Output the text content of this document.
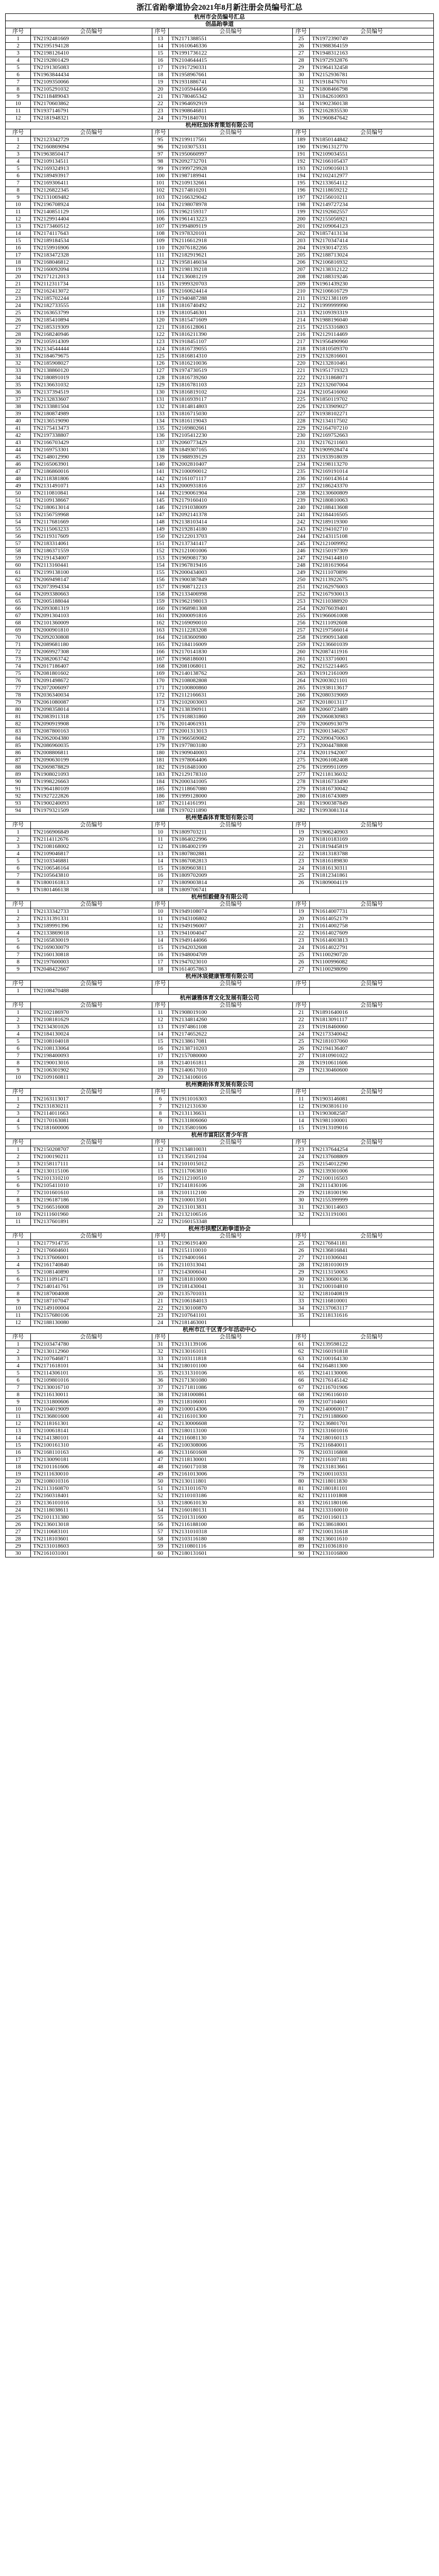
浙江省跆拳道协会2021年8月新注册会员编号汇总
杭州市会员编号汇总					
创晶跆拳道					
序号	会员编号	序号	会员编号	序号	会员编号
1	TN2192481669	13	TN2171388551	25	TN1972390749
2	TN2195194128	14	TN1610646336	26	TN1988364159
3	TN2198126410	15	TN1991736122	27	TN1948312163
4	TN2192801429	16	TN2104644415	28	TN1972932876
5	TN2191305083	17	TN1917290331	29	TN1964132458
6	TN1963844434	18	TN1958967661	30	TN2152936781
7	TN2109350066	19	TN1931886741	31	TN1918476701
8	TN2105291032	20	TN2105944456	32	TN1808466798
9	TN2118489043	21	TN1780465342	33	TN1842610693
10	TN2170603862	22	TN1964692919	34	TN1902360138
11	TN1937146791	23	TN1908646811	35	TN2162835530
12	TN2181948321	24	TN1791840701	36	TN1960847642
杭州旺加体育策划有限公司					
序号	会员编号	序号	会员编号	序号	会员编号
1	TN2123342729	95	TN2199117561	189	TN1850144842
2	TN2160869094	96	TN2103075331	190	TN1961312770
3	TN1963850417	97	TN1950660997	191	TN2109034551
4	TN2109134511	98	TN2092732701	192	TN2166105437
5	TN2169324913	99	TN1999729928	193	TN2109016013
6	TN2189493917	100	TN1987189941	194	TN2102412977
7	TN2169306411	101	TN2109132661	195	TN2133654112
8	TN2126822345	102	TN2174810201	196	TN2118659212
9	TN2131069482	103	TN2166329042	197	TN2156010211
10	TN2196708924	104	TN2198078978	198	TN2149727234
11	TN2140851129	105	TN1962159317	199	TN2192602557
12	TN2129914404	106	TN1961413223	200	TN2155056921
13	TN2173460512	107	TN1994809119	201	TN2109064123
14	TN2174117643	108	TN1978320101	202	TN1857413134
15	TN2189184534	109	TN2116612918	203	TN2170347414
16	TN2159916906	110	TN2076182266	204	TN1930147235
17	TN2183472328	111	TN2182919621	205	TN2188713024
18	TN2168046812	112	TN1958146034	206	TN2106816932
19	TN2160092094	113	TN2198139218	207	TN2138312122
20	TN2171212013	114	TN2136081219	208	TN2188319246
21	TN2112311734	115	TN1999320703	209	TN1961439230
22	TN2162413072	116	TN2160624414	210	TN2106616729
23	TN2185702244	117	TN1940487288	211	TN1921381109
24	TN2182733555	118	TN1816740492	212	TN1999999990
25	TN2163653799	119	TN1810546301	213	TN2109393319
26	TN2185410894	120	TN1815471609	214	TN1988196040
27	TN2185319309	121	TN1816128061	215	TN2153316803
28	TN2168240946	122	TN1816211390	216	TN2129114469
29	TN2105914309	123	TN1918451107	217	TN1956490960
30	TN2134544444	124	TN1816739055	218	TN1810509370
31	TN2184679675	125	TN1816814310	219	TN2132816601
32	TN2185908027	126	TN1816210036	220	TN2132810461
33	TN2138860120	127	TN1974730519	221	TN1951719323
34	TN2180891019	128	TN1816739260	222	TN2131868071
35	TN2136631032	129	TN1816781103	223	TN2132607004
36	TN2137394519	130	TN1816819102	224	TN2105416060
37	TN2132833607	131	TN1816939117	225	TN1850119702
38	TN2133881504	132	TN1814814803	226	TN2133909027
39	TN2180874989	133	TN1816715030	227	TN1938102271
40	TN2136519090	134	TN1816119043	228	TN2134117502
41	TN2175413473	135	TN2169802661	229	TN2164707210
42	TN2197338807	136	TN2105412230	230	TN2169752663
43	TN2166703429	137	TN2060773429	231	TN2176211603
44	TN2169753301	138	TN1849307165	232	TN1909928474
45	TN2148012990	139	TN1988939129	233	TN1933918039
46	TN2165063901	140	TN2002810407	234	TN2198113270
47	TN2186860016	141	TN2100090012	235	TN2169191014
48	TN2118381806	142	TN2161071117	236	TN2160143614
49	TN2131491071	143	TN2000931816	237	TN2186243370
50	TN2110810841	144	TN2190061904	238	TN2130600809
51	TN2109138667	145	TN2179160410	239	TN2180810063
52	TN2180613014	146	TN2191038009	240	TN2188413608
53	TN2156759968	147	TN2092141378	241	TN2184416505
54	TN2117681669	148	TN2138103414	242	TN2189119300
55	TN2115063233	149	TN2192814180	243	TN2194102710
56	TN2119317609	150	TN2122013703	244	TN2143115108
57	TN2183314061	151	TN2137341417	245	TN2121009992
58	TN2186371559	152	TN2121001006	246	TN2150197309
59	TN2191434007	153	TN1969081730	247	TN2194144810
60	TN2113160441	154	TN1967819416	248	TN2181619064
61	TN2199138100	155	TN2000434003	249	TN2111070890
62	TN2069498147	156	TN1900387849	250	TN2113922675
63	TN2073994334	157	TN1908712213	251	TN2162976003
64	TN2093380663	158	TN2133406998	252	TN2167930013
65	TN2005188044	159	TN1962198013	253	TN2110388920
66	TN2093081319	160	TN1968981308	254	TN2076039401
67	TN2091304103	161	TN2000091816	255	TN1966061008
68	TN2101360009	162	TN2169090010	256	TN2111092608
69	TN2000901810	163	TN2112283208	257	TN2197566014
70	TN2092030808	164	TN2183600980	258	TN1990913408
71	TN2089681180	165	TN2184116009	259	TN2136601039
72	TN2069927308	166	TN2170141830	260	TN2087411916
73	TN2082063742	167	TN1968186001	261	TN2133716001
74	TN2017186407	168	TN2081068011	262	TN2152214465
75	TN2081801602	169	TN2140138762	263	TN1912161009
76	TN2091498672	170	TN2108082808	264	TN2003021101
77	TN2072006097	171	TN2100800860	265	TN1938113617
78	TN2036340034	172	TN2112166631	266	TN2080319069
79	TN2061080087	173	TN2102003003	267	TN2018013117
80	TN2098358014	174	TN2138390911	268	TN2060723489
81	TN2083911318	175	TN1918831860	269	TN2060830983
82	TN2090919908	176	TN2014061931	270	TN2060913079
83	TN2087800163	177	TN2001313013	271	TN2001346267
84	TN2062004380	178	TN1966569082	272	TN2090470063
85	TN2086960035	179	TN1977803180	273	TN2004478808
86	TN2008806811	180	TN1909040003	274	TN2011942007
87	TN2090630199	181	TN1978064406	275	TN2061082408
88	TN2069878829	182	TN1918481000	276	TN1999911099
89	TN1908021093	183	TN2129178310	277	TN2118136032
90	TN1998226663	184	TN2000341005	278	TN1816733490
91	TN1964180109	185	TN2118667080	279	TN1816730042
92	TN1927222826	186	TN1999128000	280	TN1816743089
93	TN1900240093	187	TN2114161991	281	TN1900387849
94	TN1979321509	188	TN1970211890	282	TN1993081314
杭州楚森体育策划有限公司					
序号	会员编号	序号	会员编号	序号	会员编号
1	TN2166906849	10	TN1809703211	19	TN1906240903
2	TN2114112676	11	TN1864022996	20	TN1810183169
3	TN2108168002	12	TN1864002199	21	TN1819445819
4	TN2109046817	13	TN1807802881	22	TN1813183788
5	TN2103346881	14	TN1867082813	23	TN1816189830
6	TN2106546164	15	TN1809603811	24	TN1816130311
7	TN2105643810	16	TN1809702009	25	TN1812341861
8	TN1800161813	17	TN1809003814	26	TN1809004119
9	TN1801466138	18	TN1809706741		
杭州恒毅健身有限公司					
序号	会员编号	序号	会员编号	序号	会员编号
1	TN2133342733	10	TN1949108074	19	TN1614007731
2	TN2131391331	11	TN1943106802	20	TN1614052179
3	TN2189991396	12	TN1949196007	21	TN1614002758
4	TN2133869018	13	TN1941004047	22	TN1614027609
5	TN2165830019	14	TN1949144066	23	TN1614003813
6	TN2169030079	15	TN1942032608	24	TN1614022791
7	TN2160130818	16	TN1948004709	25	TN1100290720
8	TN2197600003	17	TN1947023010	26	TN1100996082
9	TN2048422667	18	TN1614057863	27	TN1100298090
杭州沐宸健康管理有限公司					
序号	会员编号	序号	会员编号	序号	会员编号
1	TN2108470488				
杭州谦雅体育文化发展有限公司					
序号	会员编号	序号	会员编号	序号	会员编号
1	TN2102186970	11	TN1908019100	21	TN1891640016
2	TN2108181629	12	TN2134814260	22	TN1813091117
3	TN2134301026	13	TN1974861108	23	TN1918460060
4	TN2184130024	14	TN2174652622	24	TN2173340042
5	TN2108104018	15	TN2138617081	25	TN2181037060
6	TN2108133064	16	TN2138710203	26	TN2194136407
7	TN2198400093	17	TN2157080000	27	TN1810901022
8	TN2190013016	18	TN2140161811	28	TN1910611606
9	TN2106301902	19	TN2140617010	29	TN2130460600
10	TN2109160811	20	TN2134106016		
杭州赛跆体育发展有限公司					
序号	会员编号	序号	会员编号	序号	会员编号
1	TN2163113017	6	TN1911016303	11	TN1903146081
2	TN2131830211	7	TN2112131630	12	TN1903816110
3	TN2114011663	8	TN2131136631	13	TN1903082587
4	TN2170163081	9	TN2131806060	14	TN1981100001
5	TN2181600006	10	TN2135801606	15	TN1913109016
杭州市富阳区青少年宫					
序号	会员编号	序号	会员编号	序号	会员编号
1	TN2150208707	12	TN2134810031	23	TN2137644254
2	TN2100190211	13	TN2135012104	24	TN2137608809
3	TN2158117111	14	TN2101015012	25	TN2154012290
4	TN2130115106	15	TN2117063810	26	TN2139301006
5	TN2101310210	16	TN2112100510	27	TN2100116503
6	TN2105411010	17	TN2141816106	28	TN2111430106
7	TN2101601610	18	TN2101112100	29	TN2118100190
8	TN2196187186	19	TN2100013501	30	TN2155399999
9	TN2166516008	20	TN2131013831	31	TN2130114603
10	TN2111601960	21	TN2132106516	32	TN2131191001
11	TN2137601891	22	TN2160153348		
杭州市拱墅区跆拳道协会					
序号	会员编号	序号	会员编号	序号	会员编号
1	TN2177914735	13	TN2196191400	25	TN2176841181
2	TN2176604601	14	TN2151110010	26	TN2136816841
3	TN2137606001	15	TN2194001661	27	TN2110306041
4	TN2161740840	16	TN2110313041	28	TN2181010019
5	TN2108140890	17	TN2143006041	29	TN2113150063
6	TN2111091471	18	TN2181810000	30	TN2130600136
7	TN2140141761	19	TN2181430041	31	TN2100104810
8	TN2187004008	20	TN2135701031	32	TN2181040819
9	TN2187107047	21	TN2106184013	33	TN2116810001
10	TN2149100004	22	TN2130100870	34	TN2137063117
11	TN2157680106	23	TN2107641101	35	TN2118131616
12	TN2188130080	24	TN2181463001		
杭州市江干区青少年活动中心					
序号	会员编号	序号	会员编号	序号	会员编号
1	TN2103474780	31	TN2131139106	61	TN2139598122
2	TN2130112960	32	TN2130161011	62	TN2160191818
3	TN2107646871	33	TN2103111818	63	TN2100164130
4	TN2171618101	34	TN2180101100	64	TN2164811300
5	TN2114306101	35	TN2131310106	65	TN2141130006
6	TN2109801016	36	TN2171301080	66	TN2176145142
7	TN2130016710	37	TN2171811086	67	TN2116701906
8	TN2116130011	38	TN2181000861	68	TN2196116010
9	TN2131800606	39	TN2118106001	69	TN2107104601
10	TN2104019009	40	TN2100014306	70	TN2140060017
11	TN2136801600	41	TN2116101300	71	TN2191188600
12	TN2118161301	42	TN2130006608	72	TN2136801701
13	TN2100618141	43	TN2180113100	73	TN2131601016
14	TN2141380101	44	TN2116081130	74	TN2180160113
15	TN2100161310	45	TN2100308006	75	TN2116840011
16	TN2168110163	46	TN2131601608	76	TN2103116808
17	TN2130090181	47	TN2118130001	77	TN2116107181
18	TN2101161606	48	TN2160171038	78	TN2131813661
19	TN2111630010	49	TN2161013006	79	TN2100110331
20	TN2108010316	50	TN2130111801	80	TN2118011830
21	TN2113160870	51	TN2131011670	81	TN2180181101
22	TN2160318401	52	TN2110103186	82	TN2111101808
23	TN2136101016	53	TN2180610130	83	TN2161180106
24	TN2118038611	54	TN2160180131	84	TN2133160010
25	TN2101131380	55	TN2101311600	85	TN2101160113
26	TN2136013018	56	TN2116188100	86	TN2138618001
27	TN2110683101	57	TN2131010318	87	TN2100131618
28	TN2118103601	58	TN2103116180	88	TN2136011610
29	TN2131018603	59	TN2110801116	89	TN2110361810
30	TN2161031001	60	TN2180131601	90	TN2131016800
